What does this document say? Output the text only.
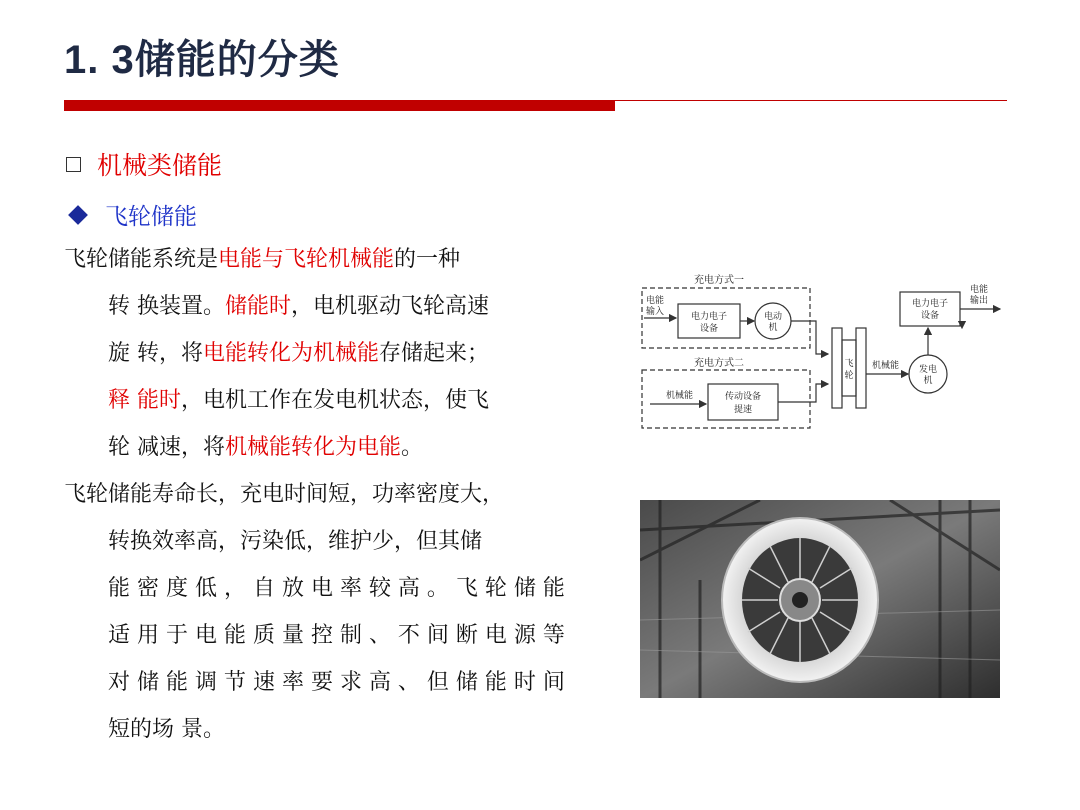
1. 3储能的分类
机械类储能
飞轮储能
飞轮储能系统是电能与飞轮机械能的一种
转 换装置。储能时，电机驱动飞轮高速
旋 转，将电能转化为机械能存储起来；
释 能时，电机工作在发电机状态，使飞
轮 减速，将机械能转化为电能。
飞轮储能寿命长，充电时间短，功率密度大，
转换效率高，污染低，维护少，但其储
能 密 度 低 ， 自 放 电 率 较 高 。 飞 轮 储 能
适 用 于 电 能 质 量 控 制 、 不 间 断 电 源 等
对 储 能 调 节 速 率 要 求 高 、 但 储 能 时 间
短的场 景。
充电方式一
电能
输入	电力电子
设备
电动
机
充电方式二
机械能	传动设备
提速
飞
轮
机械能 发电
机
电力电子
设备
电能
输出
